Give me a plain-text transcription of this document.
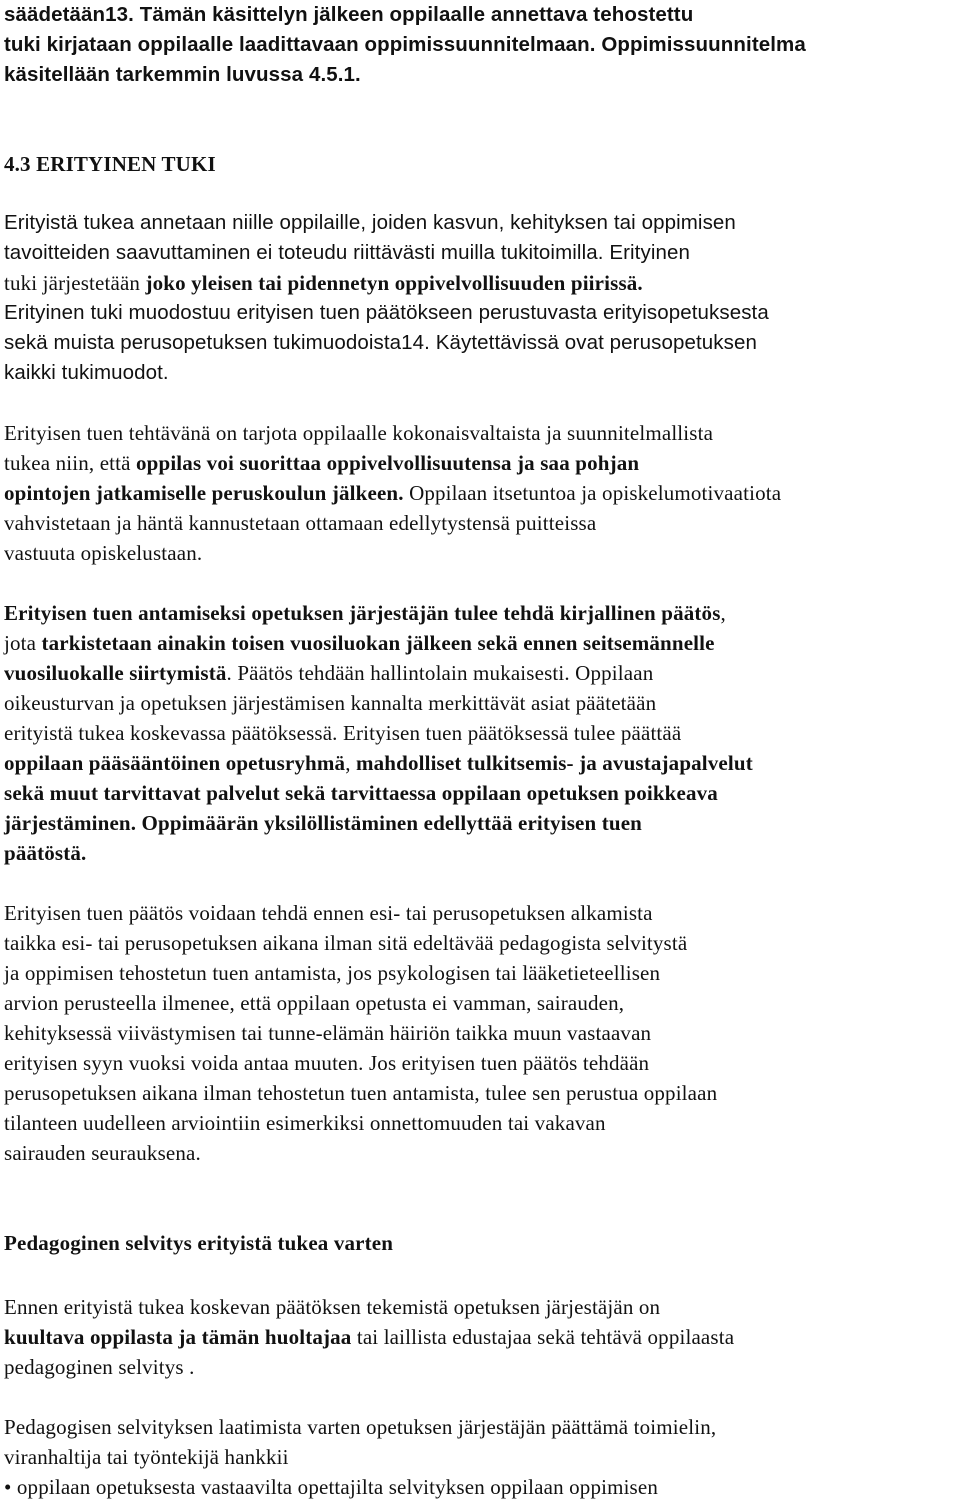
säädetään13. Tämän käsittelyn jälkeen oppilaalle annettava tehostettu
tuki kirjataan oppilaalle laadittavaan oppimissuunnitelmaan. Oppimissuunnitelma
käsitellään tarkemmin luvussa 4.5.1.
4.3 ERITYINEN TUKI
Erityistä tukea annetaan niille oppilaille, joiden kasvun, kehityksen tai oppimisen
tavoitteiden saavuttaminen ei toteudu riittävästi muilla tukitoimilla. Erityinen
tuki järjestetään joko yleisen tai pidennetyn oppivelvollisuuden piirissä.
Erityinen tuki muodostuu erityisen tuen päätökseen perustuvasta erityisopetuksesta
sekä muista perusopetuksen tukimuodoista14. Käytettävissä ovat perusopetuksen
kaikki tukimuodot.
Erityisen tuen tehtävänä on tarjota oppilaalle kokonaisvaltaista ja suunnitelmallista
tukea niin, että oppilas voi suorittaa oppivelvollisuutensa ja saa pohjan
opintojen jatkamiselle peruskoulun jälkeen. Oppilaan itsetuntoa ja opiskelumotivaatiota
vahvistetaan ja häntä kannustetaan ottamaan edellytystensä puitteissa
vastuuta opiskelustaan.
Erityisen tuen antamiseksi opetuksen järjestäjän tulee tehdä kirjallinen päätös,
jota tarkistetaan ainakin toisen vuosiluokan jälkeen sekä ennen seitsemännelle
vuosiluokalle siirtymistä. Päätös tehdään hallintolain mukaisesti. Oppilaan
oikeusturvan ja opetuksen järjestämisen kannalta merkittävät asiat päätetään
erityistä tukea koskevassa päätöksessä. Erityisen tuen päätöksessä tulee päättää
oppilaan pääsääntöinen opetusryhmä, mahdolliset tulkitsemis- ja avustajapalvelut
sekä muut tarvittavat palvelut sekä tarvittaessa oppilaan opetuksen poikkeava
järjestäminen. Oppimäärän yksilöllistäminen edellyttää erityisen tuen
päätöstä.
Erityisen tuen päätös voidaan tehdä ennen esi- tai perusopetuksen alkamista
taikka esi- tai perusopetuksen aikana ilman sitä edeltävää pedagogista selvitystä
ja oppimisen tehostetun tuen antamista, jos psykologisen tai lääketieteellisen
arvion perusteella ilmenee, että oppilaan opetusta ei vamman, sairauden,
kehityksessä viivästymisen tai tunne-elämän häiriön taikka muun vastaavan
erityisen syyn vuoksi voida antaa muuten. Jos erityisen tuen päätös tehdään
perusopetuksen aikana ilman tehostetun tuen antamista, tulee sen perustua oppilaan
tilanteen uudelleen arviointiin esimerkiksi onnettomuuden tai vakavan
sairauden seurauksena.
Pedagoginen selvitys erityistä tukea varten
Ennen erityistä tukea koskevan päätöksen tekemistä opetuksen järjestäjän on
kuultava oppilasta ja tämän huoltajaa tai laillista edustajaa sekä tehtävä oppilaasta
pedagoginen selvitys .
Pedagogisen selvityksen laatimista varten opetuksen järjestäjän päättämä toimielin,
viranhaltija tai työntekijä hankkii
• oppilaan opetuksesta vastaavilta opettajilta selvityksen oppilaan oppimisen
